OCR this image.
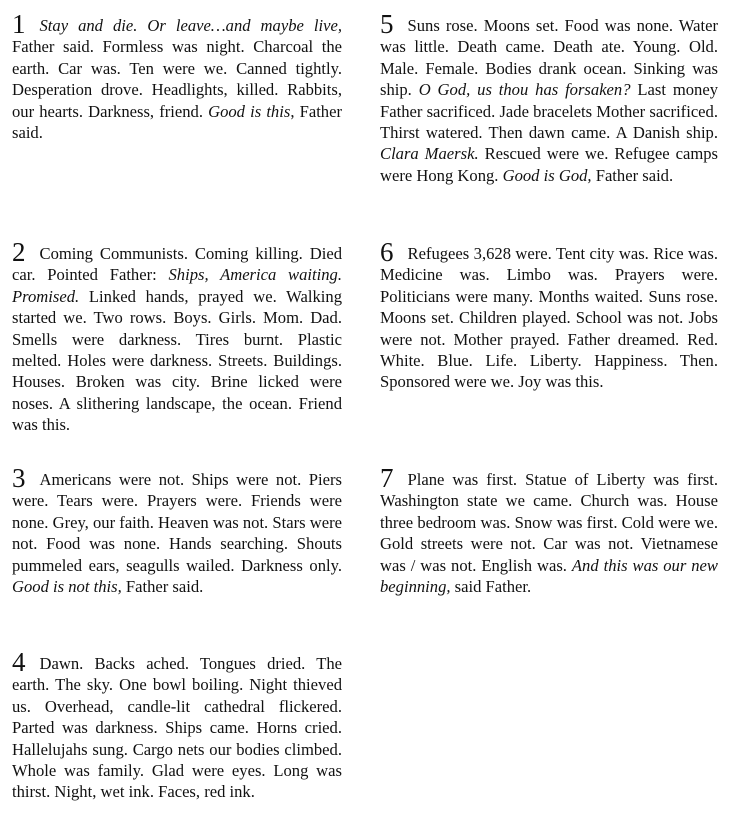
1 Stay and die. Or leave…and maybe live, Father said. Formless was night. Charcoal the earth. Car was. Ten were we. Canned tightly. Desperation drove. Headlights, killed. Rabbits, our hearts. Darkness, friend. Good is this, Father said.

2 Coming Communists. Coming killing. Died car. Pointed Father: Ships, America waiting. Promised. Linked hands, prayed we. Walking started we. Two rows. Boys. Girls. Mom. Dad. Smells were darkness. Tires burnt. Plastic melted. Holes were darkness. Streets. Buildings. Houses. Broken was city. Brine licked were noses. A slithering landscape, the ocean. Friend was this.

3 Americans were not. Ships were not. Piers were. Tears were. Prayers were. Friends were none. Grey, our faith. Heaven was not. Stars were not. Food was none. Hands searching. Shouts pummeled ears, seagulls wailed. Darkness only. Good is not this, Father said.

4 Dawn. Backs ached. Tongues dried. The earth. The sky. One bowl boiling. Night thieved us. Overhead, candle-lit cathedral flickered. Parted was darkness. Ships came. Horns cried. Hallelujahs sung. Cargo nets our bodies climbed. Whole was family. Glad were eyes. Long was thirst. Night, wet ink. Faces, red ink.

5 Suns rose. Moons set. Food was none. Water was little. Death came. Death ate. Young. Old. Male. Female. Bodies drank ocean. Sinking was ship. O God, us thou has forsaken? Last money Father sacrificed. Jade bracelets Mother sacrificed. Thirst watered. Then dawn came. A Danish ship. Clara Maersk. Rescued were we. Refugee camps were Hong Kong. Good is God, Father said.

6 Refugees 3,628 were. Tent city was. Rice was. Medicine was. Limbo was. Prayers were. Politicians were many. Months waited. Suns rose. Moons set. Children played. School was not. Jobs were not. Mother prayed. Father dreamed. Red. White. Blue. Life. Liberty. Happiness. Then. Sponsored were we. Joy was this.

7 Plane was first. Statue of Liberty was first. Washington state we came. Church was. House three bedroom was. Snow was first. Cold were we. Gold streets were not. Car was not. Vietnamese was / was not. English was. And this was our new beginning, said Father.
